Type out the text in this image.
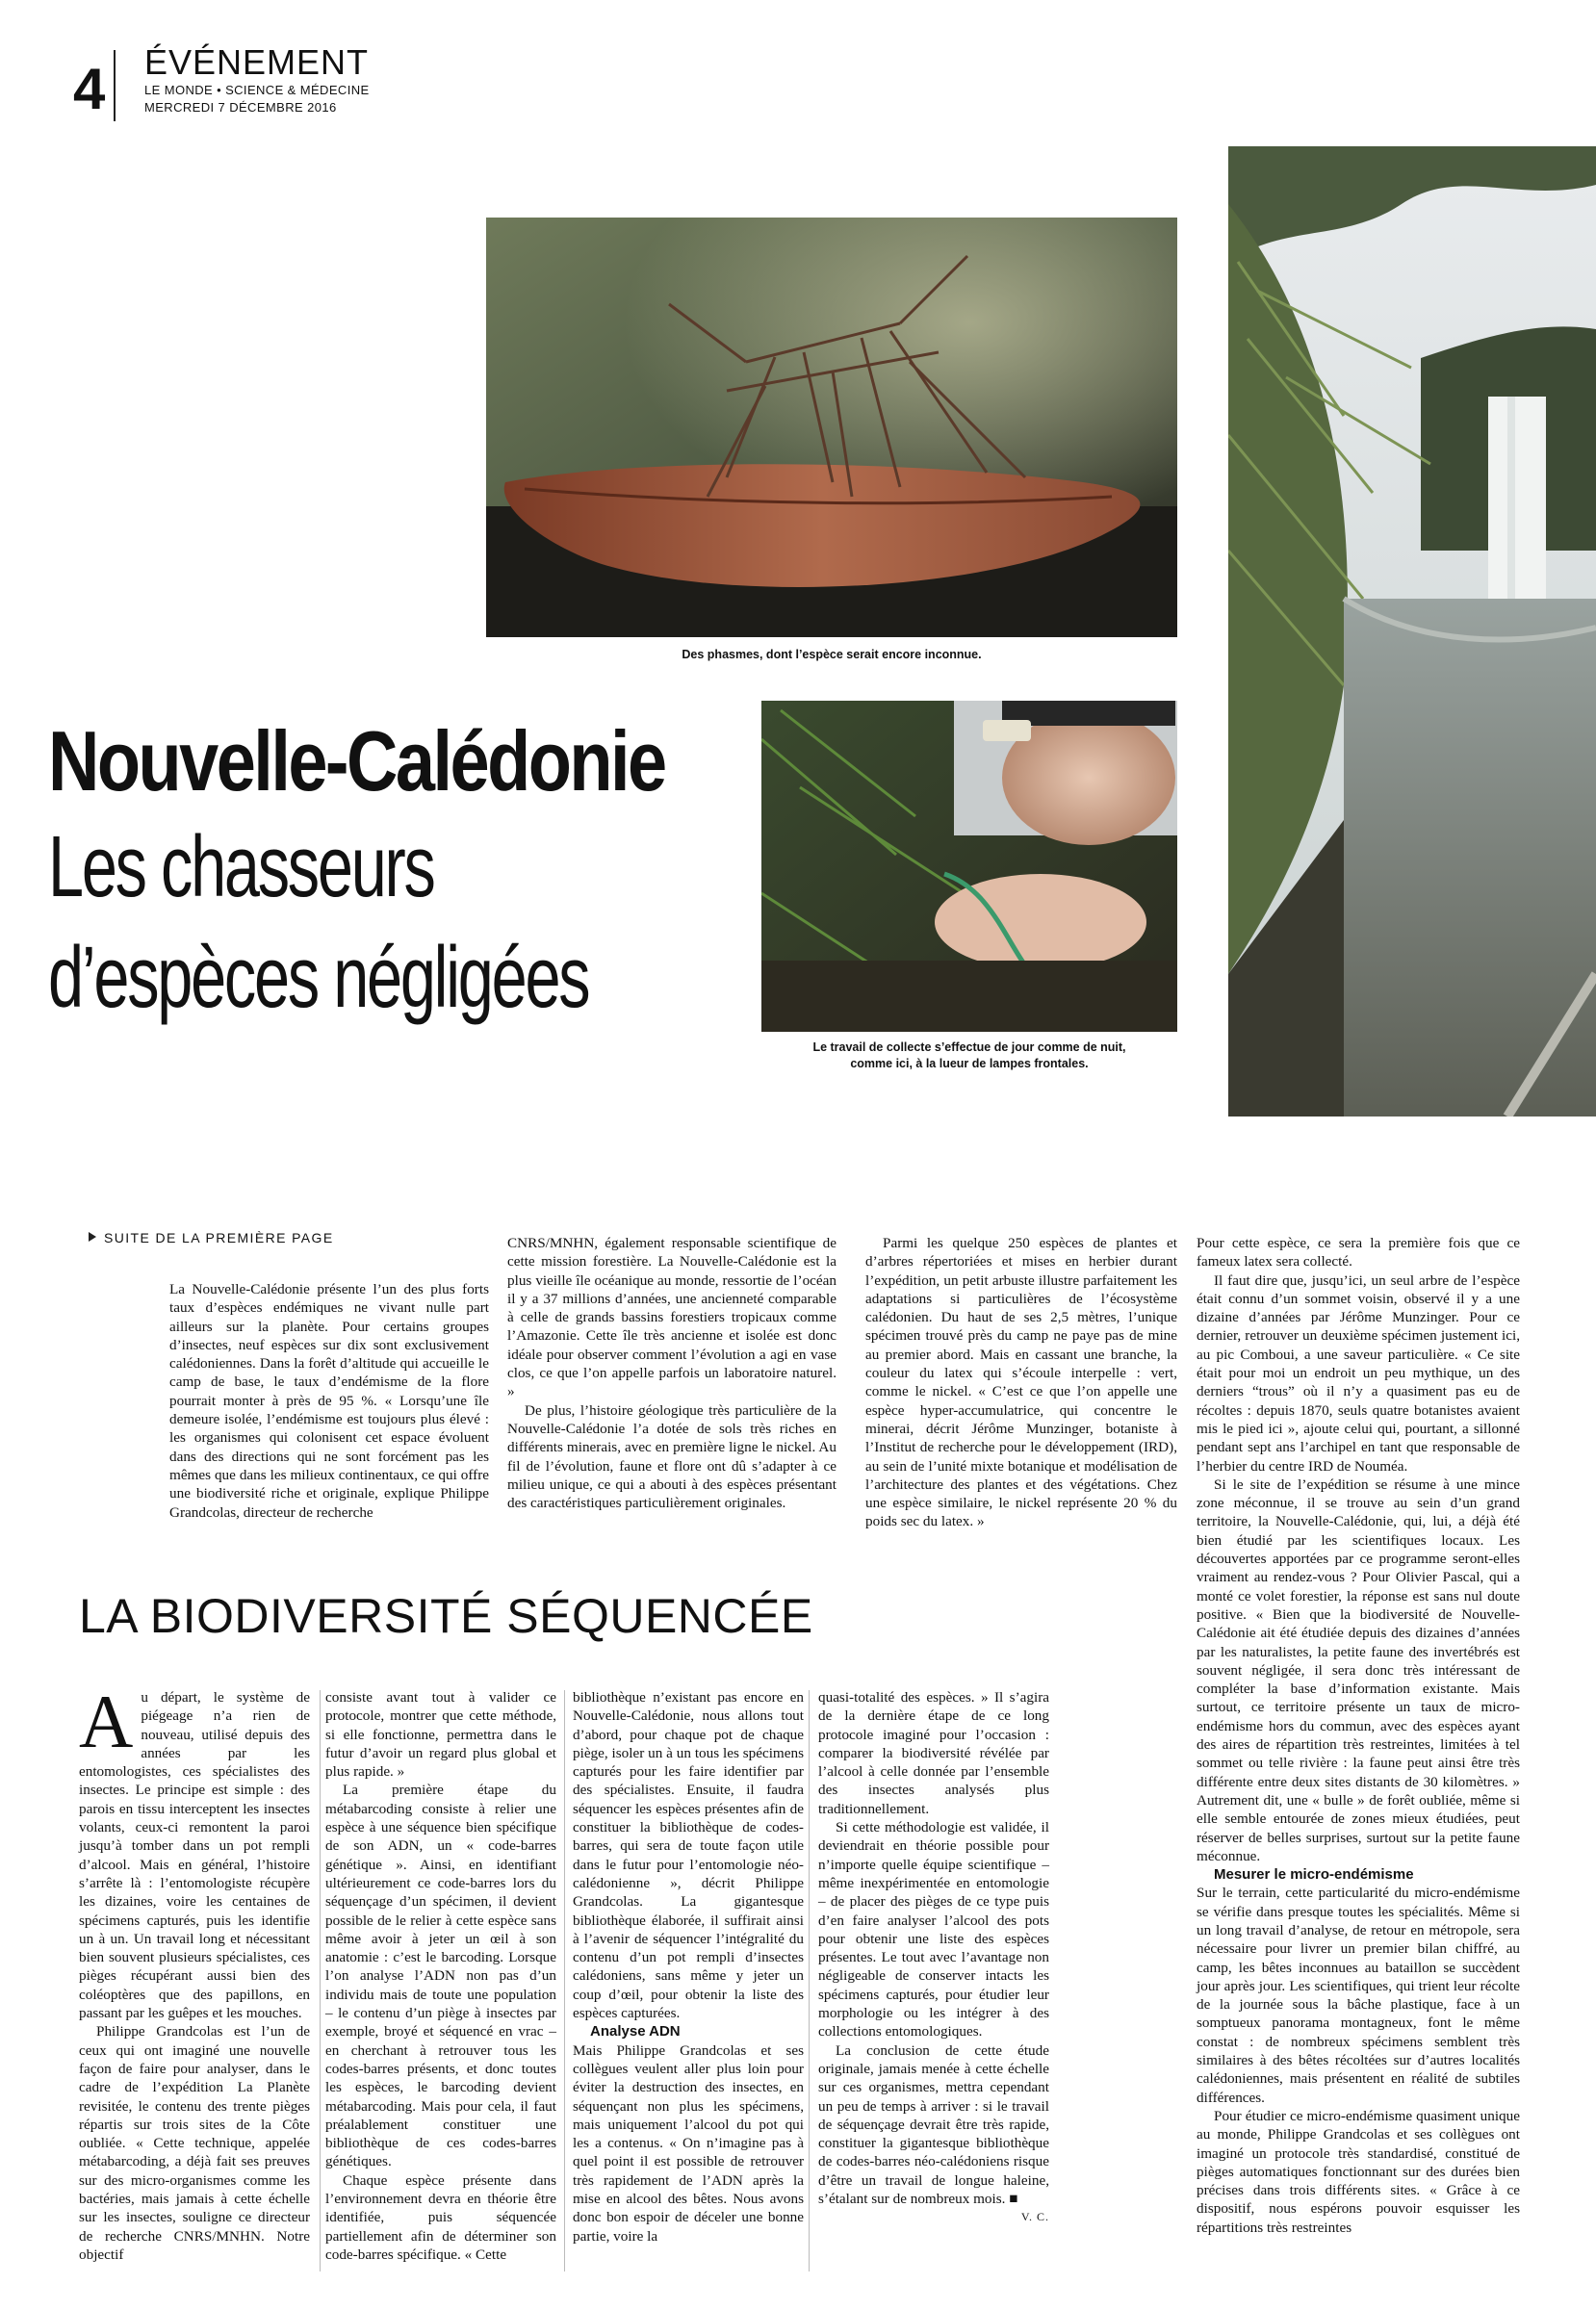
4 ÉVÉNEMENT
LE MONDE • SCIENCE & MÉDECINE
MERCREDI 7 DÉCEMBRE 2016
Des phasmes, dont l’espèce serait encore inconnue.
Le travail de collecte s’effectue de jour comme de nuit,
comme ici, à la lueur de lampes frontales.
Nouvelle-Calédonie
Les chasseurs
d’espèces négligées
SUITE DE LA PREMIÈRE PAGE

La Nouvelle-Calédonie présente l’un des plus forts taux d’espèces endémiques ne vivant nulle part ailleurs sur la planète. Pour certains groupes d’insectes, neuf espèces sur dix sont exclusivement calédoniennes. Dans la forêt d’altitude qui accueille le camp de base, le taux d’endémisme de la flore pourrait monter à près de 95 %. « Lorsqu’une île demeure isolée, l’endémisme est toujours plus élevé : les organismes qui colonisent cet espace évoluent dans des directions qui ne sont forcément pas les mêmes que dans les milieux continentaux, ce qui offre une biodiversité riche et originale, explique Philippe Grandcolas, directeur de recherche

CNRS/MNHN, également responsable scientifique de cette mission forestière. La Nouvelle-Calédonie est la plus vieille île océanique au monde, ressortie de l’océan il y a 37 millions d’années, une ancienneté comparable à celle de grands bassins forestiers tropicaux comme l’Amazonie. Cette île très ancienne et isolée est donc idéale pour observer comment l’évolution a agi en vase clos, ce que l’on appelle parfois un laboratoire naturel. »

De plus, l’histoire géologique très particulière de la Nouvelle-Calédonie l’a dotée de sols très riches en différents minerais, avec en première ligne le nickel. Au fil de l’évolution, faune et flore ont dû s’adapter à ce milieu unique, ce qui a abouti à des espèces présentant des caractéristiques particulièrement originales.

Parmi les quelque 250 espèces de plantes et d’arbres répertoriées et mises en herbier durant l’expédition, un petit arbuste illustre parfaitement les adaptations si particulières de l’écosystème calédonien. Du haut de ses 2,5 mètres, l’unique spécimen trouvé près du camp ne paye pas de mine au premier abord. Mais en cassant une branche, la couleur du latex qui s’écoule interpelle : vert, comme le nickel. « C’est ce que l’on appelle une espèce hyper-accumulatrice, qui concentre le minerai, décrit Jérôme Munzinger, botaniste à l’Institut de recherche pour le développement (IRD), au sein de l’unité mixte botanique et modélisation de l’architecture des plantes et des végétations. Chez une espèce similaire, le nickel représente 20 % du poids sec du latex. »

Pour cette espèce, ce sera la première fois que ce fameux latex sera collecté.

Il faut dire que, jusqu’ici, un seul arbre de l’espèce était connu d’un sommet voisin, observé il y a une dizaine d’années par Jérôme Munzinger. Pour ce dernier, retrouver un deuxième spécimen justement ici, au pic Comboui, a une saveur particulière. « Ce site était pour moi un endroit un peu mythique, un des derniers “trous” où il n’y a quasiment pas eu de récoltes : depuis 1870, seuls quatre botanistes avaient mis le pied ici », ajoute celui qui, pourtant, a sillonné pendant sept ans l’archipel en tant que responsable de l’herbier du centre IRD de Nouméa.

Si le site de l’expédition se résume à une mince zone méconnue, il se trouve au sein d’un grand territoire, la Nouvelle-Calédonie, qui, lui, a déjà été bien étudié par les scientifiques locaux. Les découvertes apportées par ce programme seront-elles vraiment au rendez-vous ? Pour Olivier Pascal, qui a monté ce volet forestier, la réponse est sans nul doute positive. « Bien que la biodiversité de Nouvelle-Calédonie ait été étudiée depuis des dizaines d’années par les naturalistes, la petite faune des invertébrés est souvent négligée, il sera donc très intéressant de compléter la base d’information existante. Mais surtout, ce territoire présente un taux de micro-endémisme hors du commun, avec des espèces ayant des aires de répartition très restreintes, limitées à tel sommet ou telle rivière : la faune peut ainsi être très différente entre deux sites distants de 30 kilomètres. » Autrement dit, une « bulle » de forêt oubliée, même si elle semble entourée de zones mieux étudiées, peut réserver de belles surprises, surtout sur la petite faune méconnue.

Mesurer le micro-endémisme

Sur le terrain, cette particularité du micro-endémisme se vérifie dans presque toutes les spécialités. Même si un long travail d’analyse, de retour en métropole, sera nécessaire pour livrer un premier bilan chiffré, au camp, les bêtes inconnues au bataillon se succèdent jour après jour. Les scientifiques, qui trient leur récolte de la journée sous la bâche plastique, face à un somptueux panorama montagneux, font le même constat : de nombreux spécimens semblent très similaires à des bêtes récoltées sur d’autres localités calédoniennes, mais présentent en réalité de subtiles différences.

Pour étudier ce micro-endémisme quasiment unique au monde, Philippe Grandcolas et ses collègues ont imaginé un protocole très standardisé, constitué de pièges automatiques fonctionnant sur des durées bien précises dans trois différents sites. « Grâce à ce dispositif, nous espérons pouvoir esquisser les répartitions très restreintes

LA BIODIVERSITÉ SÉQUENCÉE

Au départ, le système de piégeage n’a rien de nouveau, utilisé depuis des années par les entomologistes, ces spécialistes des insectes. Le principe est simple : des parois en tissu interceptent les insectes volants, ceux-ci remontent la paroi jusqu’à tomber dans un pot rempli d’alcool. Mais en général, l’histoire s’arrête là : l’entomologiste récupère les dizaines, voire les centaines de spécimens capturés, puis les identifie un à un. Un travail long et nécessitant bien souvent plusieurs spécialistes, ces pièges récupérant aussi bien des coléoptères que des papillons, en passant par les guêpes et les mouches.

Philippe Grandcolas est l’un de ceux qui ont imaginé une nouvelle façon de faire pour analyser, dans le cadre de l’expédition La Planète revisitée, le contenu des trente pièges répartis sur trois sites de la Côte oubliée. « Cette technique, appelée métabarcoding, a déjà fait ses preuves sur des micro-organismes comme les bactéries, mais jamais à cette échelle sur les insectes, souligne ce directeur de recherche CNRS/MNHN. Notre objectif

consiste avant tout à valider ce protocole, montrer que cette méthode, si elle fonctionne, permettra dans le futur d’avoir un regard plus global et plus rapide. »

La première étape du métabarcoding consiste à relier une espèce à une séquence bien spécifique de son ADN, un « code-barres génétique ». Ainsi, en identifiant ultérieurement ce code-barres lors du séquençage d’un spécimen, il devient possible de le relier à cette espèce sans même avoir à jeter un œil à son anatomie : c’est le barcoding. Lorsque l’on analyse l’ADN non pas d’un individu mais de toute une population – le contenu d’un piège à insectes par exemple, broyé et séquencé en vrac – en cherchant à retrouver tous les codes-barres présents, et donc toutes les espèces, le barcoding devient métabarcoding. Mais pour cela, il faut préalablement constituer une bibliothèque de ces codes-barres génétiques.

Chaque espèce présente dans l’environnement devra en théorie être identifiée, puis séquencée partiellement afin de déterminer son code-barres spécifique. « Cette

bibliothèque n’existant pas encore en Nouvelle-Calédonie, nous allons tout d’abord, pour chaque pot de chaque piège, isoler un à un tous les spécimens capturés pour les faire identifier par des spécialistes. Ensuite, il faudra séquencer les espèces présentes afin de constituer la bibliothèque de codes-barres, qui sera de toute façon utile dans le futur pour l’entomologie néo-calédonienne », décrit Philippe Grandcolas. La gigantesque bibliothèque élaborée, il suffirait ainsi à l’avenir de séquencer l’intégralité du contenu d’un pot rempli d’insectes calédoniens, sans même y jeter un coup d’œil, pour obtenir la liste des espèces capturées.

Analyse ADN

Mais Philippe Grandcolas et ses collègues veulent aller plus loin pour éviter la destruction des insectes, en séquençant non plus les spécimens, mais uniquement l’alcool du pot qui les a contenus. « On n’imagine pas à quel point il est possible de retrouver très rapidement de l’ADN après la mise en alcool des bêtes. Nous avons donc bon espoir de déceler une bonne partie, voire la

quasi-totalité des espèces. » Il s’agira de la dernière étape de ce long protocole imaginé pour l’occasion : comparer la biodiversité révélée par l’alcool à celle donnée par l’ensemble des insectes analysés plus traditionnellement.

Si cette méthodologie est validée, il deviendrait en théorie possible pour n’importe quelle équipe scientifique – même inexpérimentée en entomologie – de placer des pièges de ce type puis d’en faire analyser l’alcool des pots pour obtenir une liste des espèces présentes. Le tout avec l’avantage non négligeable de conserver intacts les spécimens capturés, pour étudier leur morphologie ou les intégrer à des collections entomologiques.

La conclusion de cette étude originale, jamais menée à cette échelle sur ces organismes, mettra cependant un peu de temps à arriver : si le travail de séquençage devrait être très rapide, constituer la gigantesque bibliothèque de codes-barres néo-calédoniens risque d’être un travail de longue haleine, s’étalant sur de nombreux mois. ■

V. C.
